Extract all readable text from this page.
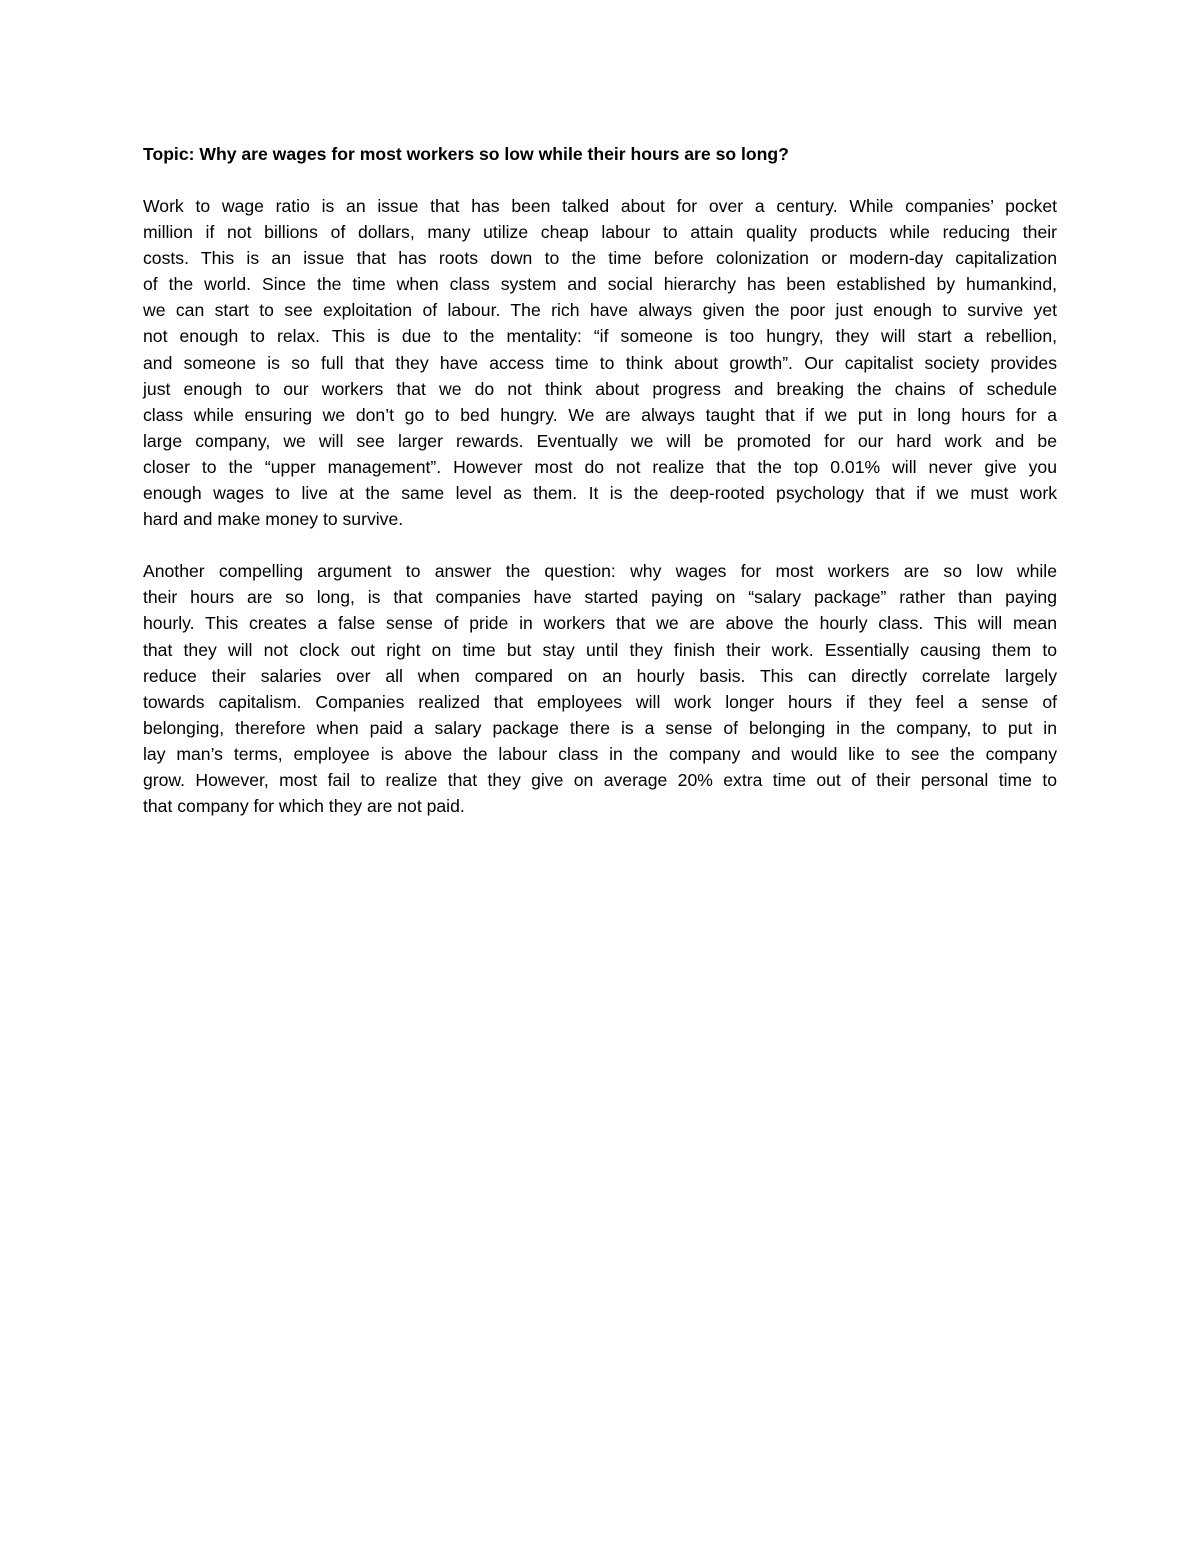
Topic: Why are wages for most workers so low while their hours are so long?

Work to wage ratio is an issue that has been talked about for over a century. While companies’ pocket
million if not billions of dollars, many utilize cheap labour to attain quality products while reducing their
costs. This is an issue that has roots down to the time before colonization or modern-day capitalization
of the world. Since the time when class system and social hierarchy has been established by humankind,
we can start to see exploitation of labour. The rich have always given the poor just enough to survive yet
not enough to relax. This is due to the mentality: “if someone is too hungry, they will start a rebellion,
and someone is so full that they have access time to think about growth”. Our capitalist society provides
just enough to our workers that we do not think about progress and breaking the chains of schedule
class while ensuring we don’t go to bed hungry. We are always taught that if we put in long hours for a
large company, we will see larger rewards. Eventually we will be promoted for our hard work and be
closer to the “upper management”. However most do not realize that the top 0.01% will never give you
enough wages to live at the same level as them. It is the deep-rooted psychology that if we must work
hard and make money to survive.

Another compelling argument to answer the question: why wages for most workers are so low while
their hours are so long, is that companies have started paying on “salary package” rather than paying
hourly. This creates a false sense of pride in workers that we are above the hourly class. This will mean
that they will not clock out right on time but stay until they finish their work. Essentially causing them to
reduce their salaries over all when compared on an hourly basis. This can directly correlate largely
towards capitalism. Companies realized that employees will work longer hours if they feel a sense of
belonging, therefore when paid a salary package there is a sense of belonging in the company, to put in
lay man’s terms, employee is above the labour class in the company and would like to see the company
grow. However, most fail to realize that they give on average 20% extra time out of their personal time to
that company for which they are not paid.
